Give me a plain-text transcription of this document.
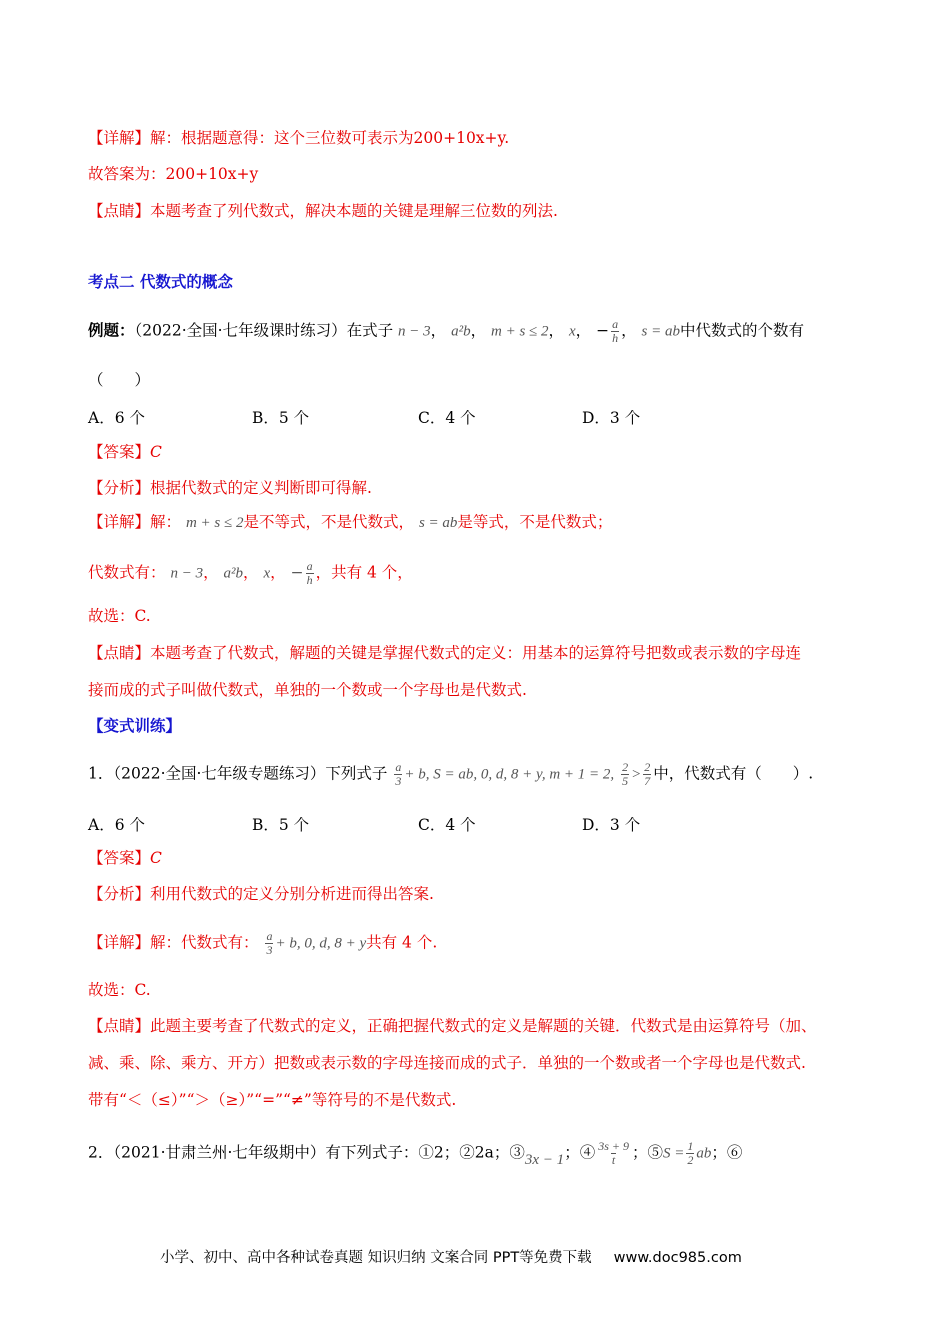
【详解】解：根据题意得：这个三位数可表示为200+10x+y.
故答案为：200+10x+y
【点睛】本题考查了列代数式，解决本题的关键是理解三位数的列法.
考点二 代数式的概念
例题：（2022·全国·七年级课时练习）在式子 n − 3， a²b， m + s ≤ 2， x， − $\frac{a}{h}$ ， s = ab中代数式的个数有
（　　）
A．6 个	B．5 个	C．4 个	D．3 个
【答案】C
【分析】根据代数式的定义判断即可得解.
【详解】解： m + s ≤ 2是不等式，不是代数式， s = ab是等式，不是代数式；
代数式有： n − 3， a²b， x， − $\frac{a}{h}$ ，共有 4 个，
故选：C.
【点睛】本题考查了代数式，解题的关键是掌握代数式的定义：用基本的运算符号把数或表示数的字母连
接而成的式子叫做代数式，单独的一个数或一个字母也是代数式.
【变式训练】
1．（2022·全国·七年级专题练习）下列式子 $\frac{a}{3} + b$, S = ab, 0, d, 8 + y, m + 1 = 2, $\frac{2}{5} > \frac{2}{7}$ 中，代数式有（　　）.
A．6 个	B．5 个	C．4 个	D．3 个
【答案】C
【分析】利用代数式的定义分别分析进而得出答案.
【详解】解：代数式有： $\frac{a}{3} + b$, 0, d, 8 + y共有 4 个.
故选：C.
【点睛】此题主要考查了代数式的定义，正确把握代数式的定义是解题的关键．代数式是由运算符号（加、
减、乘、除、乘方、开方）把数或表示数的字母连接而成的式子．单独的一个数或者一个字母也是代数式.
带有“＜（≤）”“＞（≥）”“=”“≠”等符号的不是代数式.
2．（2021·甘肃兰州·七年级期中）有下列式子：①2；②2a；③3x − 1；④ $\frac{3s + 9}{t}$ ；⑤S = $\frac{1}{2}$ ab；⑥
小学、初中、高中各种试卷真题 知识归纳 文案合同 PPT等免费下载 www.doc985.com
